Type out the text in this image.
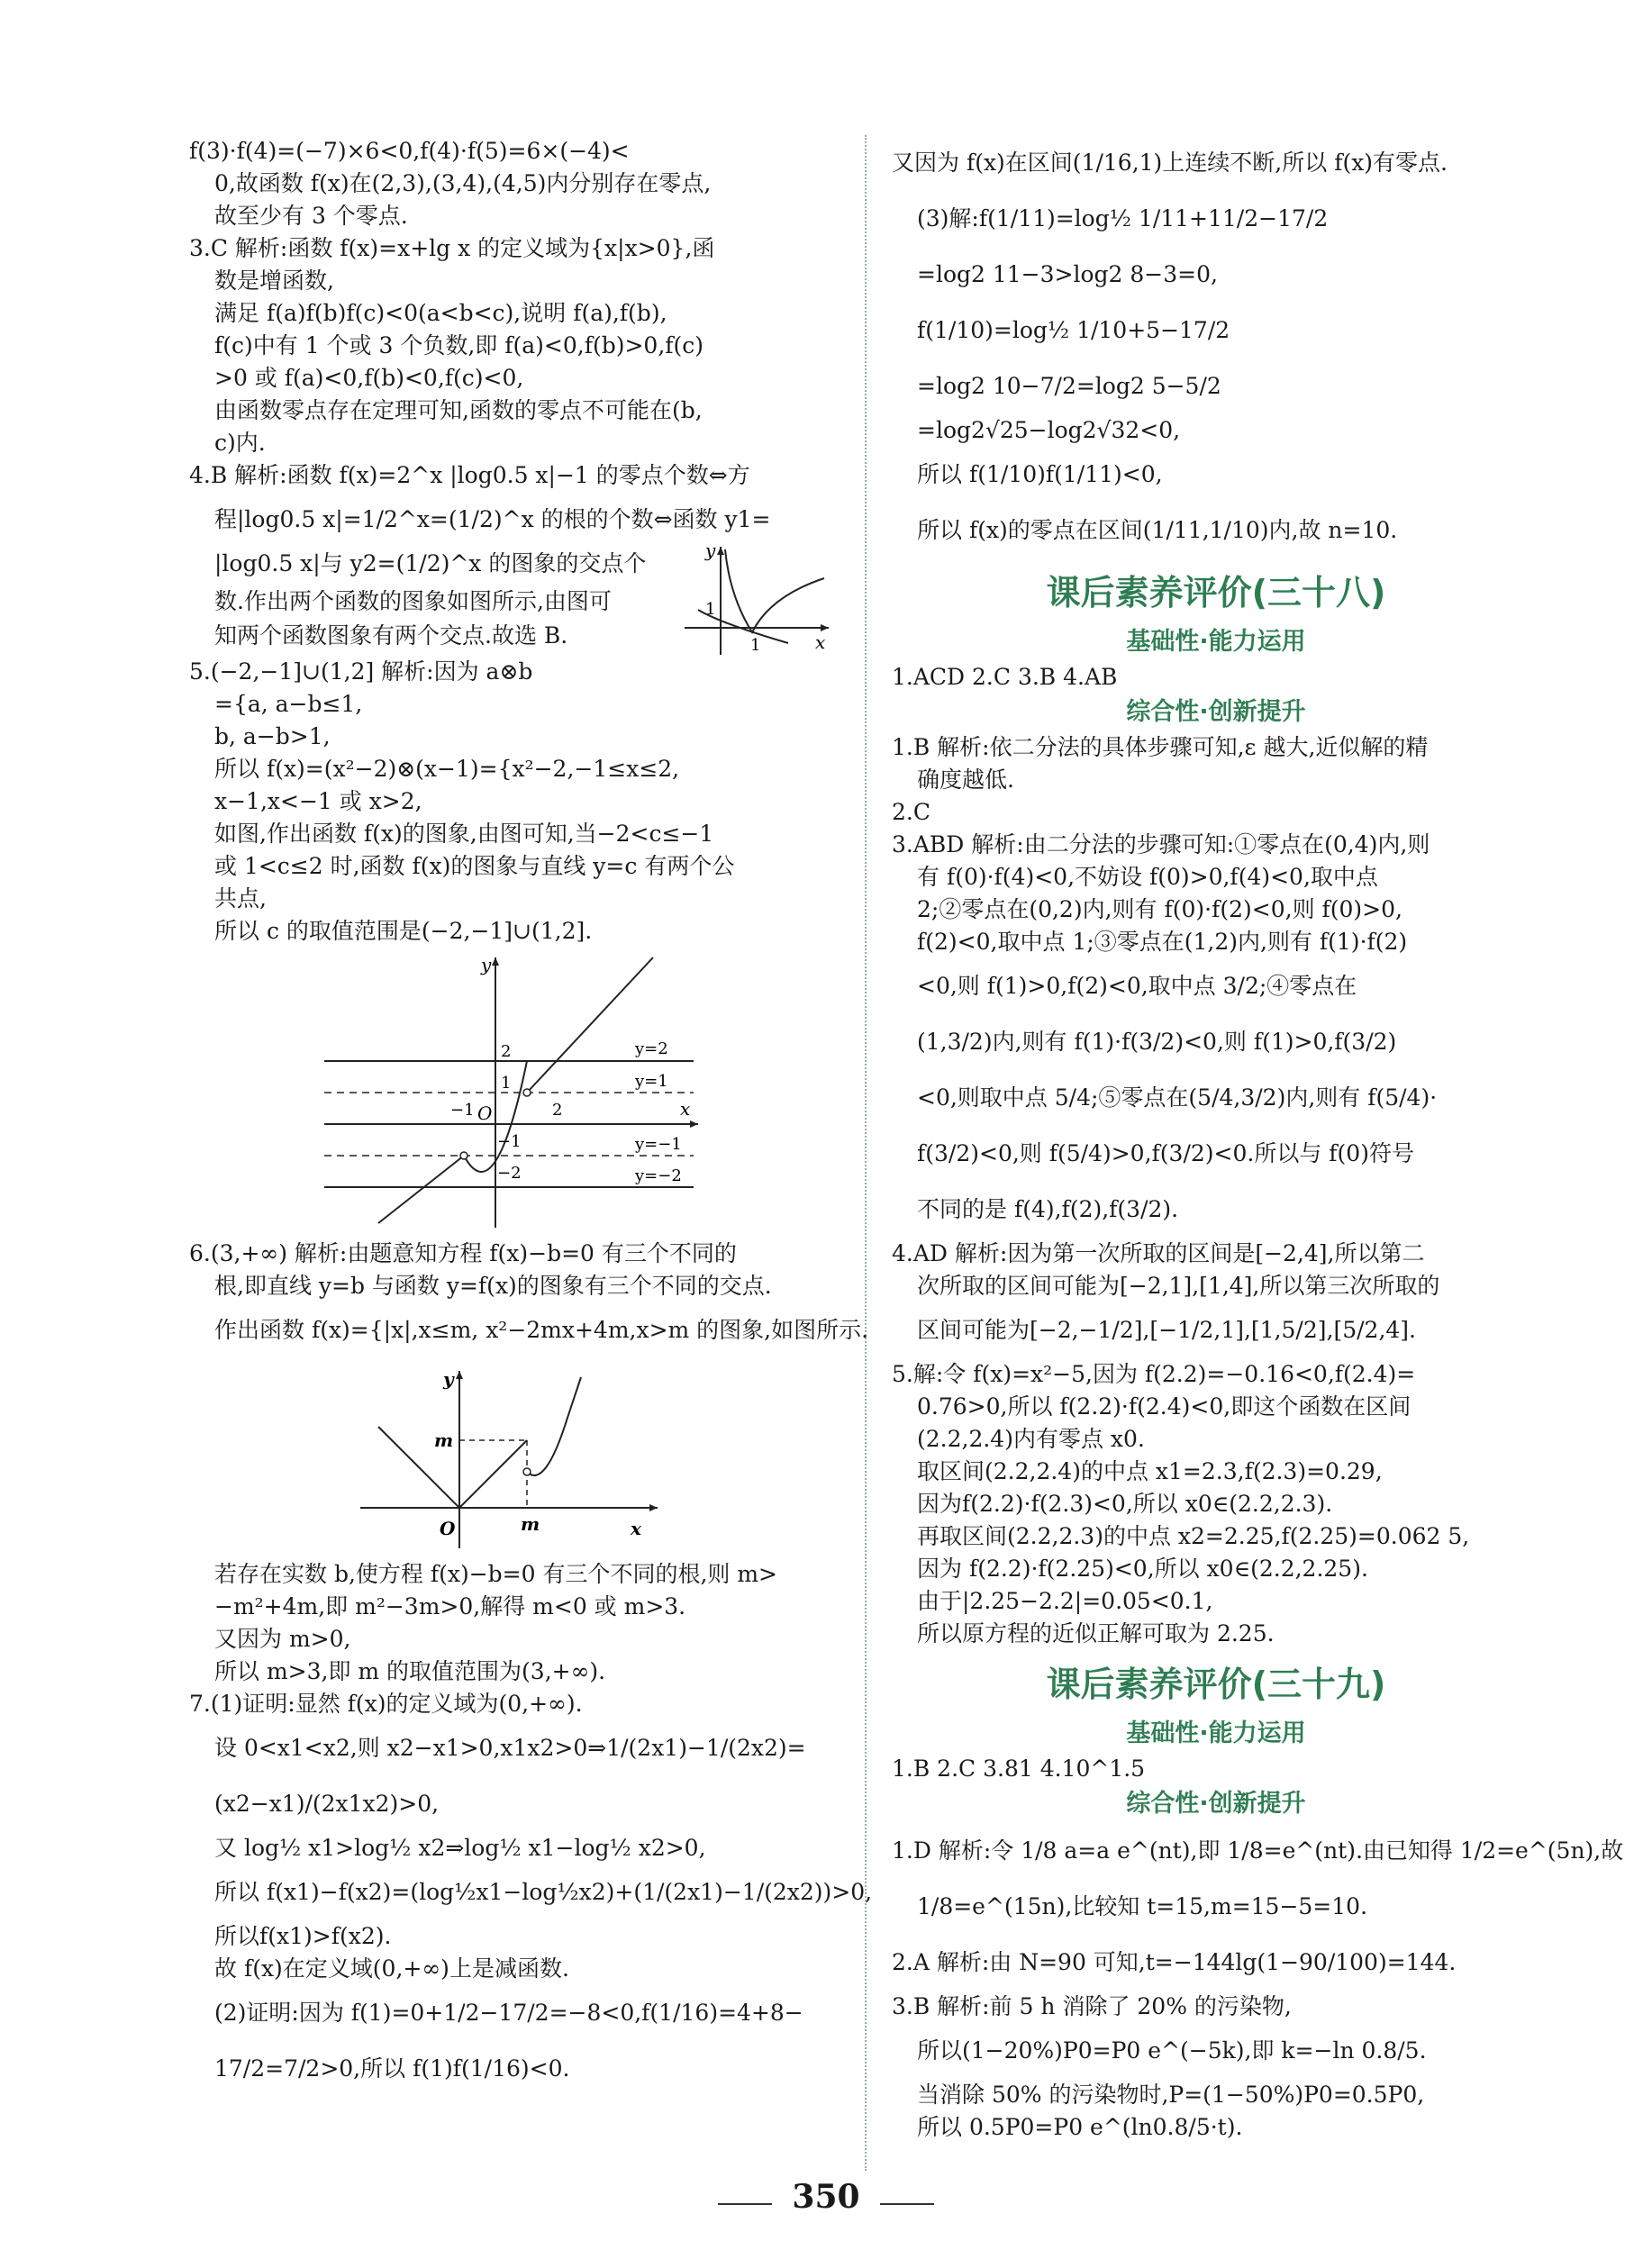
f(3)·f(4)=(−7)×6<0,f(4)·f(5)=6×(−4)<

0,故函数 f(x)在(2,3),(3,4),(4,5)内分别存在零点,

故至少有 3 个零点.

3.C 解析:函数 f(x)=x+lg x 的定义域为{x|x>0},函

数是增函数,

满足 f(a)f(b)f(c)<0(a<b<c),说明 f(a),f(b),

f(c)中有 1 个或 3 个负数,即 f(a)<0,f(b)>0,f(c)

>0 或 f(a)<0,f(b)<0,f(c)<0,

由函数零点存在定理可知,函数的零点不可能在(b,

c)内.

4.B 解析:函数 f(x)=2^x |log0.5 x|−1 的零点个数⇔方

程|log0.5 x|=1/2^x=(1/2)^x 的根的个数⇔函数 y1=

|log0.5 x|与 y2=(1/2)^x 的图象的交点个

数.作出两个函数的图象如图所示,由图可

知两个函数图象有两个交点.故选 B.

y
x
1
1

5.(−2,−1]∪(1,2] 解析:因为 a⊗b

={a, a−b≤1,

b, a−b>1,

所以 f(x)=(x²−2)⊗(x−1)={x²−2,−1≤x≤2,

x−1,x<−1 或 x>2,

如图,作出函数 f(x)的图象,由图可知,当−2<c≤−1

或 1<c≤2 时,函数 f(x)的图象与直线 y=c 有两个公

共点,

所以 c 的取值范围是(−2,−1]∪(1,2].

y
x
O
2
1
−1
−2
2
−1
y=2
y=1
y=−1
y=−2

6.(3,+∞) 解析:由题意知方程 f(x)−b=0 有三个不同的

根,即直线 y=b 与函数 y=f(x)的图象有三个不同的交点.

作出函数 f(x)={|x|,x≤m, x²−2mx+4m,x>m 的图象,如图所示.

y
x
O
m
m

若存在实数 b,使方程 f(x)−b=0 有三个不同的根,则 m>

−m²+4m,即 m²−3m>0,解得 m<0 或 m>3.

又因为 m>0,

所以 m>3,即 m 的取值范围为(3,+∞).

7.(1)证明:显然 f(x)的定义域为(0,+∞).

设 0<x1<x2,则 x2−x1>0,x1x2>0⇒1/(2x1)−1/(2x2)=

(x2−x1)/(2x1x2)>0,

又 log½ x1>log½ x2⇒log½ x1−log½ x2>0,

所以 f(x1)−f(x2)=(log½x1−log½x2)+(1/(2x1)−1/(2x2))>0,

所以f(x1)>f(x2).

故 f(x)在定义域(0,+∞)上是减函数.

(2)证明:因为 f(1)=0+1/2−17/2=−8<0,f(1/16)=4+8−

17/2=7/2>0,所以 f(1)f(1/16)<0.

又因为 f(x)在区间(1/16,1)上连续不断,所以 f(x)有零点.

(3)解:f(1/11)=log½ 1/11+11/2−17/2

=log2 11−3>log2 8−3=0,

f(1/10)=log½ 1/10+5−17/2

=log2 10−7/2=log2 5−5/2

=log2√25−log2√32<0,

所以 f(1/10)f(1/11)<0,

所以 f(x)的零点在区间(1/11,1/10)内,故 n=10.

课后素养评价(三十八)
基础性·能力运用

1.ACD 2.C 3.B 4.AB

综合性·创新提升

1.B 解析:依二分法的具体步骤可知,ε 越大,近似解的精

确度越低.

2.C

3.ABD 解析:由二分法的步骤可知:①零点在(0,4)内,则

有 f(0)·f(4)<0,不妨设 f(0)>0,f(4)<0,取中点

2;②零点在(0,2)内,则有 f(0)·f(2)<0,则 f(0)>0,

f(2)<0,取中点 1;③零点在(1,2)内,则有 f(1)·f(2)

<0,则 f(1)>0,f(2)<0,取中点 3/2;④零点在

(1,3/2)内,则有 f(1)·f(3/2)<0,则 f(1)>0,f(3/2)

<0,则取中点 5/4;⑤零点在(5/4,3/2)内,则有 f(5/4)·

f(3/2)<0,则 f(5/4)>0,f(3/2)<0.所以与 f(0)符号

不同的是 f(4),f(2),f(3/2).

4.AD 解析:因为第一次所取的区间是[−2,4],所以第二

次所取的区间可能为[−2,1],[1,4],所以第三次所取的

区间可能为[−2,−1/2],[−1/2,1],[1,5/2],[5/2,4].

5.解:令 f(x)=x²−5,因为 f(2.2)=−0.16<0,f(2.4)=

0.76>0,所以 f(2.2)·f(2.4)<0,即这个函数在区间

(2.2,2.4)内有零点 x0.

取区间(2.2,2.4)的中点 x1=2.3,f(2.3)=0.29,

因为f(2.2)·f(2.3)<0,所以 x0∈(2.2,2.3).

再取区间(2.2,2.3)的中点 x2=2.25,f(2.25)=0.062 5,

因为 f(2.2)·f(2.25)<0,所以 x0∈(2.2,2.25).

由于|2.25−2.2|=0.05<0.1,

所以原方程的近似正解可取为 2.25.

课后素养评价(三十九)
基础性·能力运用

1.B 2.C 3.81 4.10^1.5

综合性·创新提升

1.D 解析:令 1/8 a=a e^(nt),即 1/8=e^(nt).由已知得 1/2=e^(5n),故

1/8=e^(15n),比较知 t=15,m=15−5=10.

2.A 解析:由 N=90 可知,t=−144lg(1−90/100)=144.

3.B 解析:前 5 h 消除了 20% 的污染物,

所以(1−20%)P0=P0 e^(−5k),即 k=−ln 0.8/5.

当消除 50% 的污染物时,P=(1−50%)P0=0.5P0,

所以 0.5P0=P0 e^(ln0.8/5·t).

350
